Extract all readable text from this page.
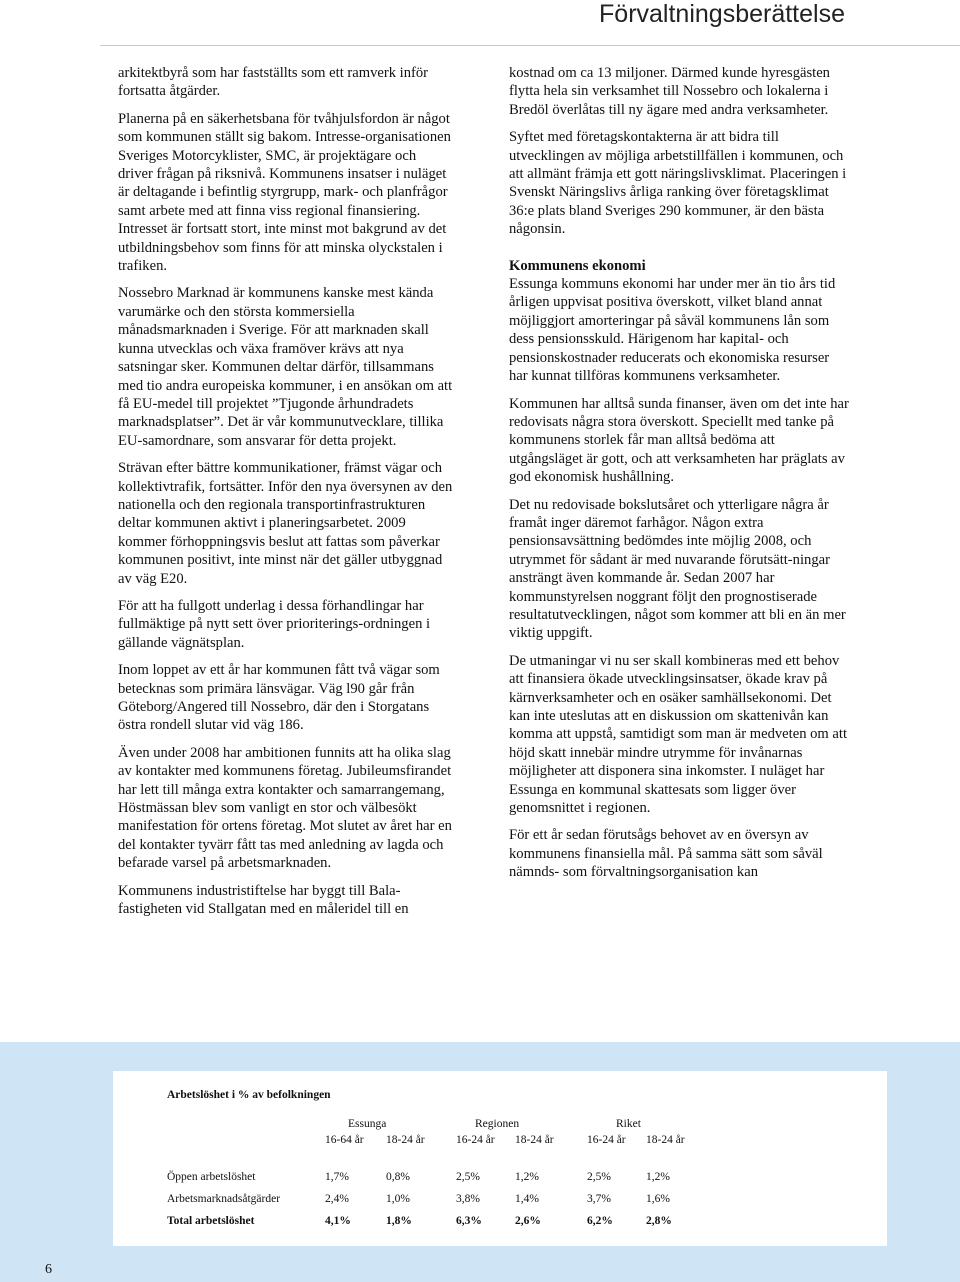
Förvaltningsberättelse

arkitektbyrå som har fastställts som ett ramverk inför fortsatta åtgärder.

Planerna på en säkerhetsbana för tvåhjulsfordon är något som kommunen ställt sig bakom. Intresse-organisationen Sveriges Motorcyklister, SMC, är projektägare och driver frågan på riksnivå. Kommunens insatser i nuläget är deltagande i befintlig styrgrupp, mark- och planfrågor samt arbete med att finna viss regional finansiering. Intresset är fortsatt stort, inte minst mot bakgrund av det utbildningsbehov som finns för att minska olyckstalen i trafiken.

Nossebro Marknad är kommunens kanske mest kända varumärke och den största kommersiella månadsmarknaden i Sverige. För att marknaden skall kunna utvecklas och växa framöver krävs att nya satsningar sker. Kommunen deltar därför, tillsammans med tio andra europeiska kommuner, i en ansökan om att få EU-medel till projektet ”Tjugonde århundradets marknadsplatser”. Det är vår kommunutvecklare, tillika EU-samordnare, som ansvarar för detta projekt.

Strävan efter bättre kommunikationer, främst vägar och kollektivtrafik, fortsätter. Inför den nya översynen av den nationella och den regionala transportinfrastrukturen deltar kommunen aktivt i planeringsarbetet. 2009 kommer förhoppningsvis beslut att fattas som påverkar kommunen positivt, inte minst när det gäller utbyggnad av väg E20.

För att ha fullgott underlag i dessa förhandlingar har fullmäktige på nytt sett över prioriterings-ordningen i gällande vägnätsplan.

Inom loppet av ett år har kommunen fått två vägar som betecknas som primära länsvägar. Väg l90 går från Göteborg/Angered till Nossebro, där den i Storgatans östra rondell slutar vid väg 186.

Även under 2008 har ambitionen funnits att ha olika slag av kontakter med kommunens företag. Jubileumsfirandet har lett till många extra kontakter och samarrangemang, Höstmässan blev som vanligt en stor och välbesökt manifestation för ortens företag. Mot slutet av året har en del kontakter tyvärr fått tas med anledning av lagda och befarade varsel på arbetsmarknaden.

Kommunens industristiftelse har byggt till Bala-fastigheten vid Stallgatan med en måleridel till en

kostnad om ca 13 miljoner. Därmed kunde hyresgästen flytta hela sin verksamhet till Nossebro och lokalerna i Bredöl överlåtas till ny ägare med andra verksamheter.

Syftet med företagskontakterna är att bidra till utvecklingen av möjliga arbetstillfällen i kommunen, och att allmänt främja ett gott näringslivsklimat. Placeringen i Svenskt Näringslivs årliga ranking över företagsklimat 36:e plats bland Sveriges 290 kommuner, är den bästa någonsin.

Kommunens ekonomi

Essunga kommuns ekonomi har under mer än tio års tid årligen uppvisat positiva överskott, vilket bland annat möjliggjort amorteringar på såväl kommunens lån som dess pensionsskuld. Härigenom har kapital- och pensionskostnader reducerats och ekonomiska resurser har kunnat tillföras kommunens verksamheter.

Kommunen har alltså sunda finanser, även om det inte har redovisats några stora överskott. Speciellt med tanke på kommunens storlek får man alltså bedöma att utgångsläget är gott, och att verksamheten har präglats av god ekonomisk hushållning.

Det nu redovisade bokslutsåret och ytterligare några år framåt inger däremot farhågor. Någon extra pensionsavsättning bedömdes inte möjlig 2008, och utrymmet för sådant är med nuvarande förutsätt-ningar ansträngt även kommande år. Sedan 2007 har kommunstyrelsen noggrant följt den prognostiserade resultatutvecklingen, något som kommer att bli en än mer viktig uppgift.

De utmaningar vi nu ser skall kombineras med ett behov att finansiera ökade utvecklingsinsatser, ökade krav på kärnverksamheter och en osäker samhällsekonomi. Det kan inte uteslutas att en diskussion om skattenivån kan komma att uppstå, samtidigt som man är medveten om att höjd skatt innebär mindre utrymme för invånarnas möjligheter att disponera sina inkomster. I nuläget har Essunga en kommunal skattesats som ligger över genomsnittet i regionen.

För ett år sedan förutsågs behovet av en översyn av kommunens finansiella mål. På samma sätt som såväl nämnds- som förvaltningsorganisation kan

Arbetslöshet i % av befolkningen
Essunga	Regionen	Riket
16-64 år 18-24 år	16-24 år 18-24 år	16-24 år 18-24 år
Öppen arbetslöshet	1,7%	0,8%	2,5%	1,2%	2,5%	1,2%
Arbetsmarknadsåtgärder	2,4%	1,0%	3,8%	1,4%	3,7%	1,6%
Total arbetslöshet	4,1%	1,8%	6,3%	2,6%	6,2%	2,8%
6
